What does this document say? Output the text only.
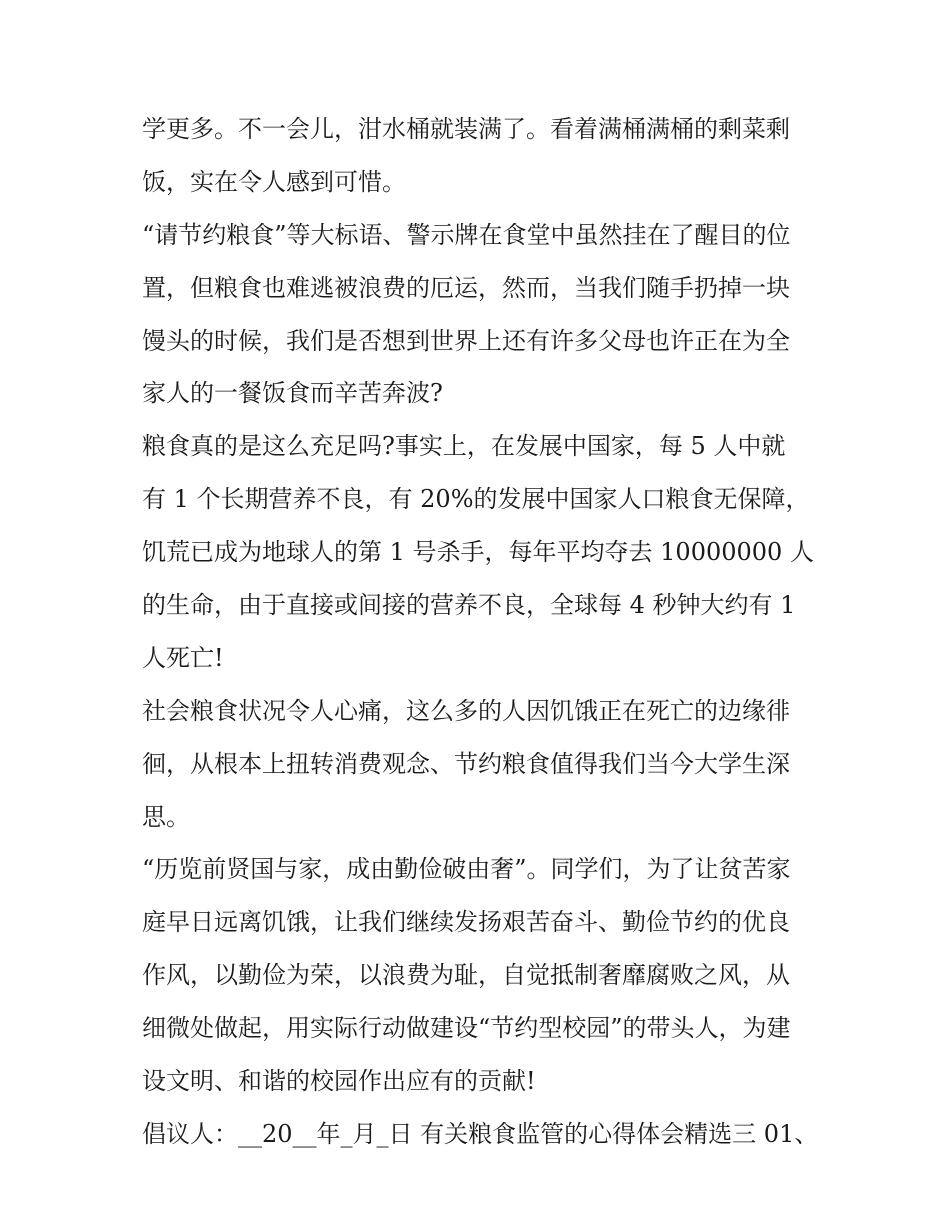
学更多。不一会儿，泔水桶就装满了。看着满桶满桶的剩菜剩
饭，实在令人感到可惜。
“请节约粮食”等大标语、警示牌在食堂中虽然挂在了醒目的位
置，但粮食也难逃被浪费的厄运，然而，当我们随手扔掉一块
馒头的时候，我们是否想到世界上还有许多父母也许正在为全
家人的一餐饭食而辛苦奔波?
粮食真的是这么充足吗?事实上，在发展中国家，每 5 人中就
有 1 个长期营养不良，有 20%的发展中国家人口粮食无保障，
饥荒已成为地球人的第 1 号杀手，每年平均夺去 10000000 人
的生命，由于直接或间接的营养不良，全球每 4 秒钟大约有 1
人死亡!
社会粮食状况令人心痛，这么多的人因饥饿正在死亡的边缘徘
徊，从根本上扭转消费观念、节约粮食值得我们当今大学生深
思。
“历览前贤国与家，成由勤俭破由奢”。同学们，为了让贫苦家
庭早日远离饥饿，让我们继续发扬艰苦奋斗、勤俭节约的优良
作风，以勤俭为荣，以浪费为耻，自觉抵制奢靡腐败之风，从
细微处做起，用实际行动做建设“节约型校园”的带头人，为建
设文明、和谐的校园作出应有的贡献!
倡议人：__20__年_月_日 有关粮食监管的心得体会精选三 01、
